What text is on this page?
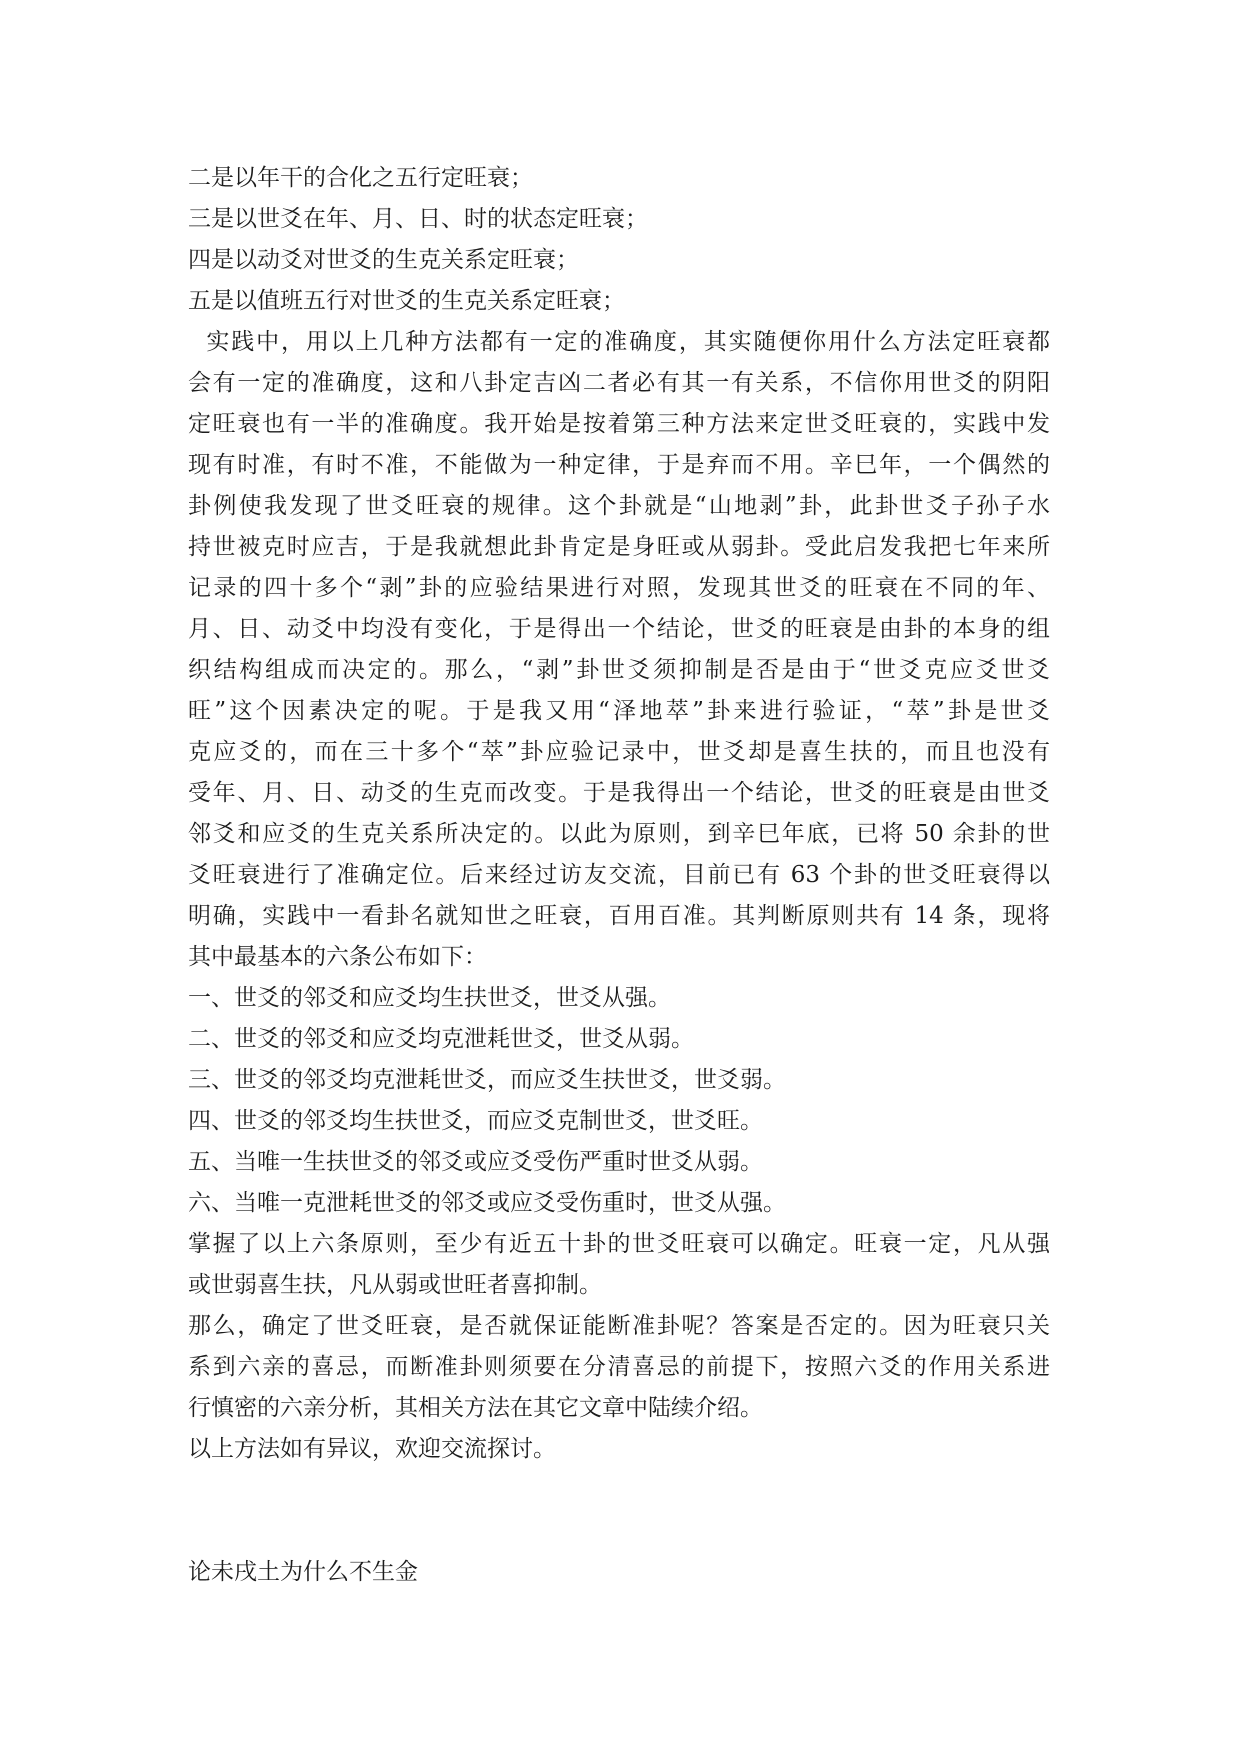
二是以年干的合化之五行定旺衰；
三是以世爻在年、月、日、时的状态定旺衰；
四是以动爻对世爻的生克关系定旺衰；
五是以值班五行对世爻的生克关系定旺衰；
实践中，用以上几种方法都有一定的准确度，其实随便你用什么方法定旺衰都
会有一定的准确度，这和八卦定吉凶二者必有其一有关系，不信你用世爻的阴阳
定旺衰也有一半的准确度。我开始是按着第三种方法来定世爻旺衰的，实践中发
现有时准，有时不准，不能做为一种定律，于是弃而不用。辛巳年，一个偶然的
卦例使我发现了世爻旺衰的规律。这个卦就是“山地剥”卦，此卦世爻子孙子水
持世被克时应吉，于是我就想此卦肯定是身旺或从弱卦。受此启发我把七年来所
记录的四十多个“剥”卦的应验结果进行对照，发现其世爻的旺衰在不同的年、
月、日、动爻中均没有变化，于是得出一个结论，世爻的旺衰是由卦的本身的组
织结构组成而决定的。那么，“剥”卦世爻须抑制是否是由于“世爻克应爻世爻
旺”这个因素决定的呢。于是我又用“泽地萃”卦来进行验证，“萃”卦是世爻
克应爻的，而在三十多个“萃”卦应验记录中，世爻却是喜生扶的，而且也没有
受年、月、日、动爻的生克而改变。于是我得出一个结论，世爻的旺衰是由世爻
邻爻和应爻的生克关系所决定的。以此为原则，到辛巳年底，已将 50 余卦的世
爻旺衰进行了准确定位。后来经过访友交流，目前已有 63 个卦的世爻旺衰得以
明确，实践中一看卦名就知世之旺衰，百用百准。其判断原则共有 14 条，现将
其中最基本的六条公布如下：
一、世爻的邻爻和应爻均生扶世爻，世爻从强。
二、世爻的邻爻和应爻均克泄耗世爻，世爻从弱。
三、世爻的邻爻均克泄耗世爻，而应爻生扶世爻，世爻弱。
四、世爻的邻爻均生扶世爻，而应爻克制世爻，世爻旺。
五、当唯一生扶世爻的邻爻或应爻受伤严重时世爻从弱。
六、当唯一克泄耗世爻的邻爻或应爻受伤重时，世爻从强。
掌握了以上六条原则，至少有近五十卦的世爻旺衰可以确定。旺衰一定，凡从强
或世弱喜生扶，凡从弱或世旺者喜抑制。
那么，确定了世爻旺衰，是否就保证能断准卦呢？答案是否定的。因为旺衰只关
系到六亲的喜忌，而断准卦则须要在分清喜忌的前提下，按照六爻的作用关系进
行慎密的六亲分析，其相关方法在其它文章中陆续介绍。
以上方法如有异议，欢迎交流探讨。
论未戌土为什么不生金
